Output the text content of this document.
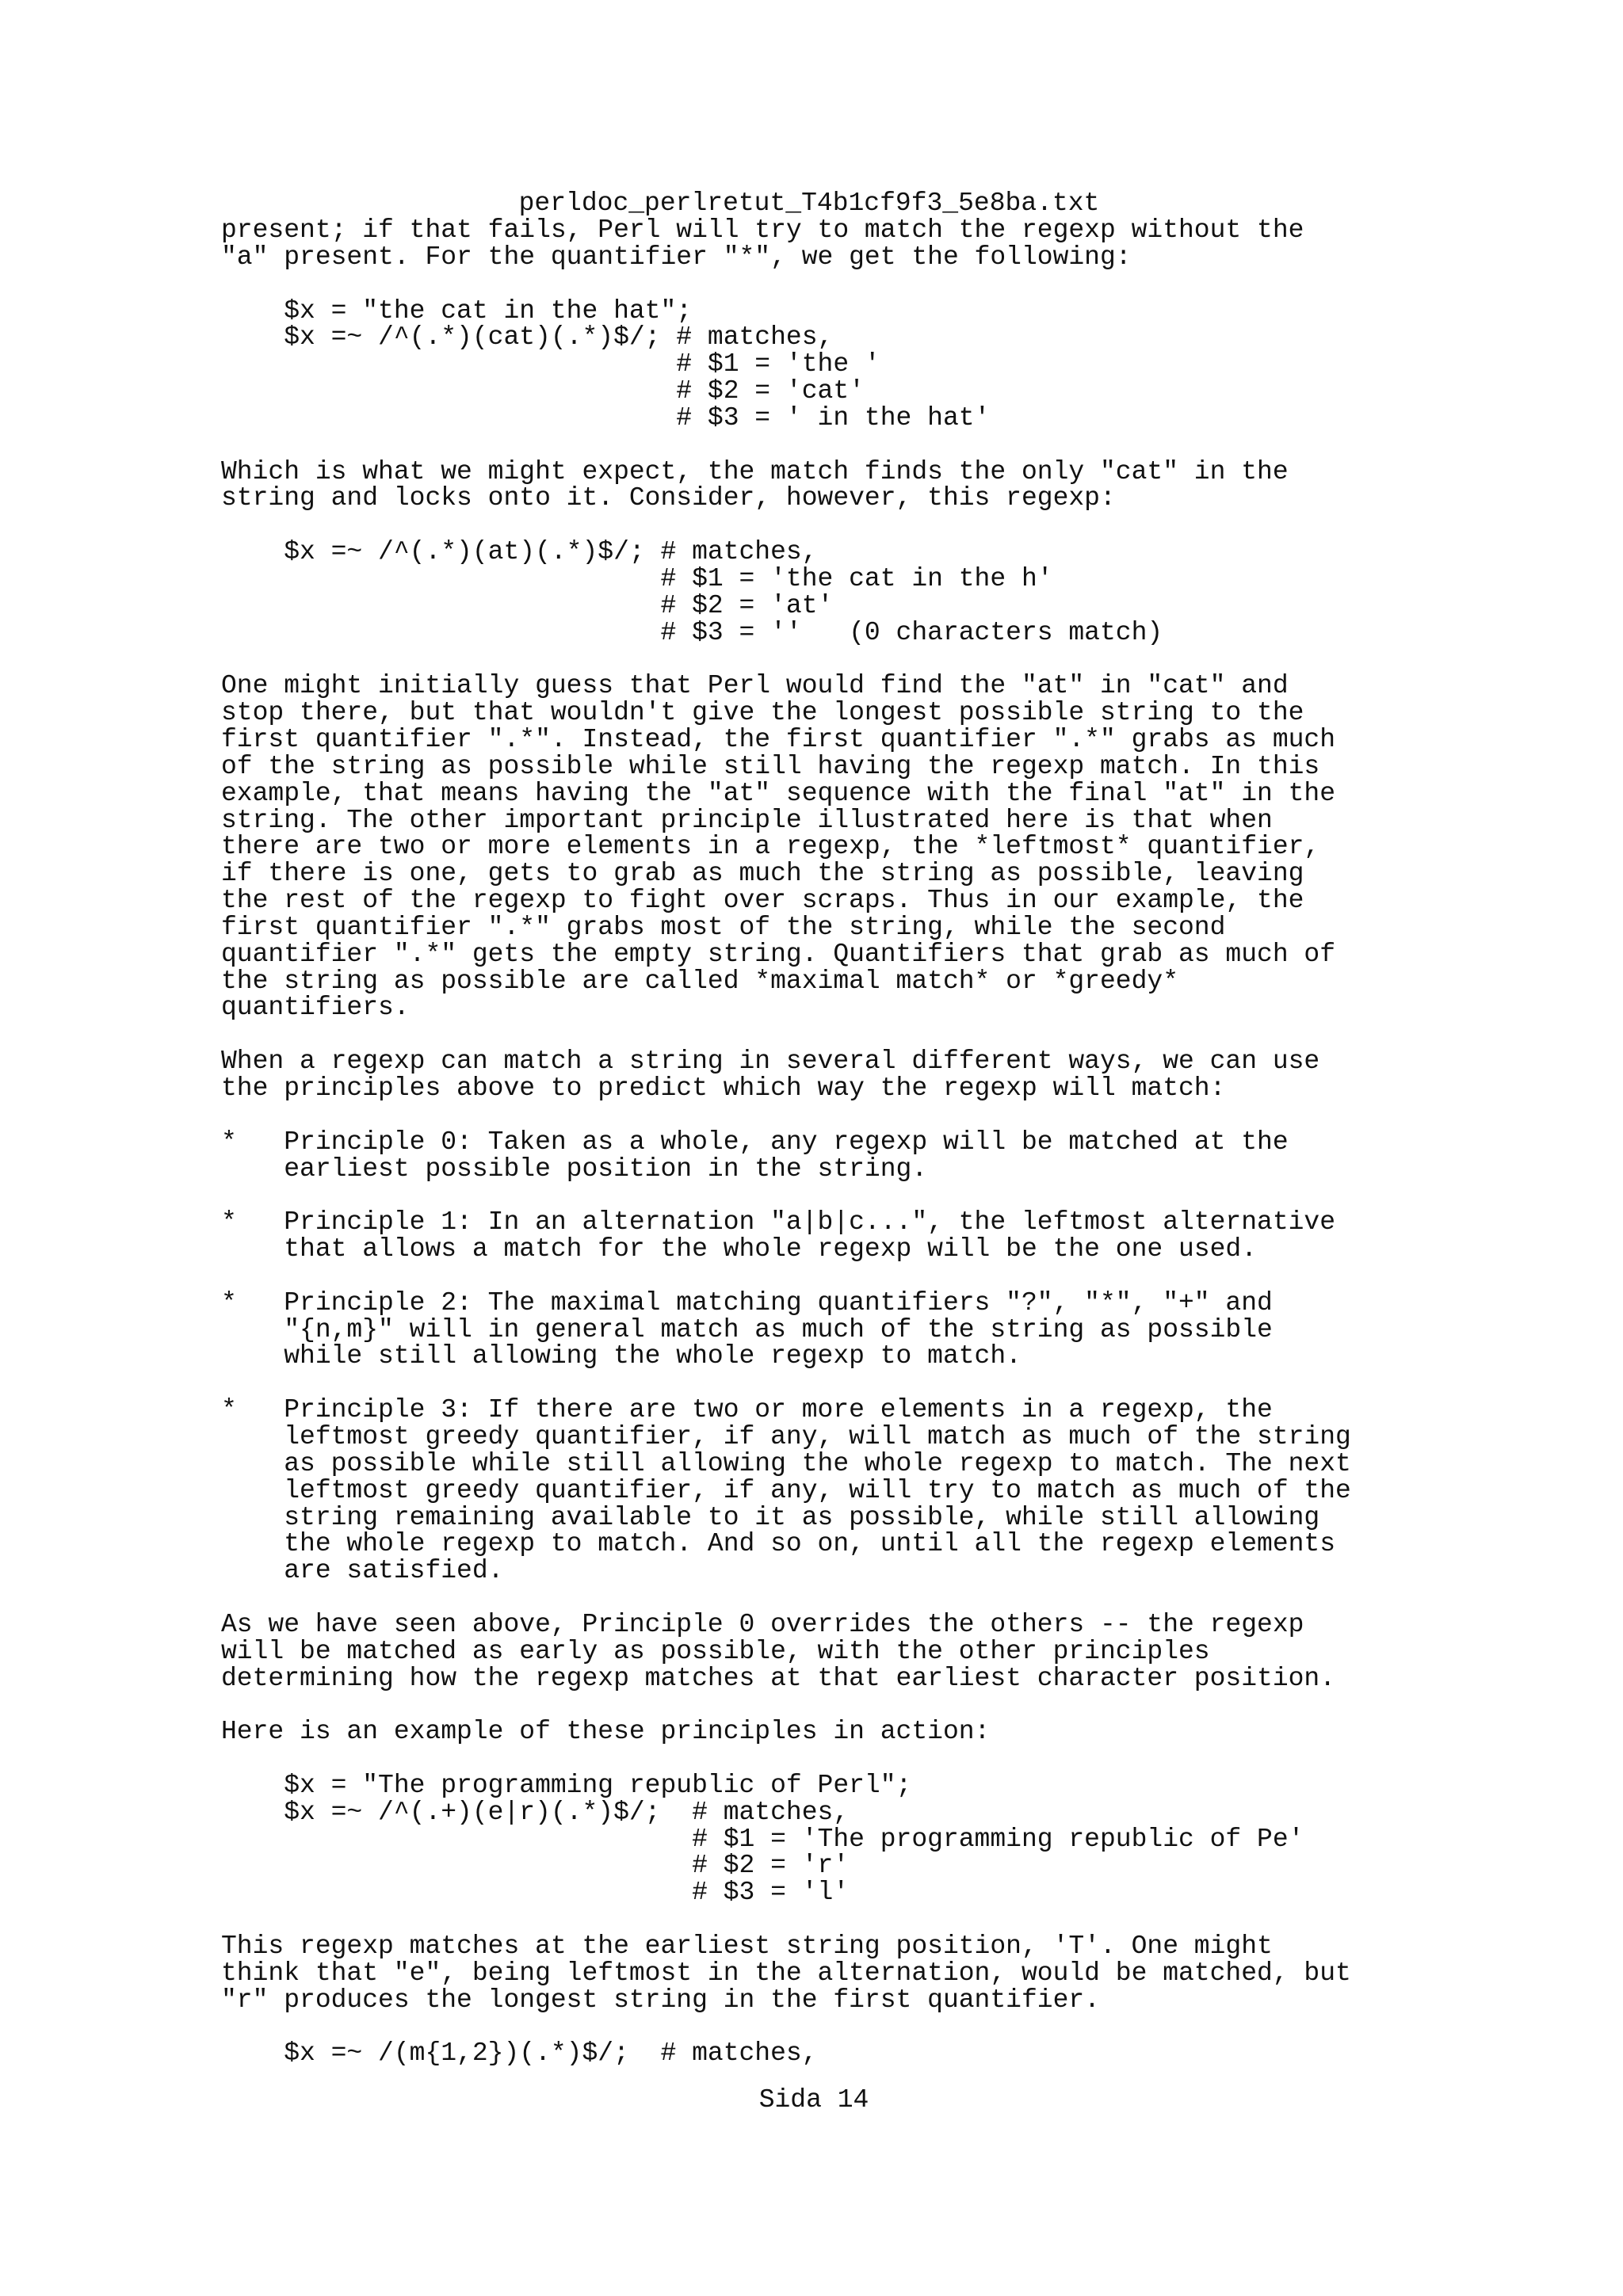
perldoc_perlretut_T4b1cf9f3_5e8ba.txt
present; if that fails, Perl will try to match the regexp without the
"a" present. For the quantifier "*", we get the following:

$x = "the cat in the hat";
$x =~ /^(.*)(cat)(.*)$/; # matches,
# $1 = 'the '
# $2 = 'cat'
# $3 = ' in the hat'

Which is what we might expect, the match finds the only "cat" in the
string and locks onto it. Consider, however, this regexp:

$x =~ /^(.*)(at)(.*)$/; # matches,
# $1 = 'the cat in the h'
# $2 = 'at'
# $3 = ''   (0 characters match)

One might initially guess that Perl would find the "at" in "cat" and
stop there, but that wouldn't give the longest possible string to the
first quantifier ".*". Instead, the first quantifier ".*" grabs as much
of the string as possible while still having the regexp match. In this
example, that means having the "at" sequence with the final "at" in the
string. The other important principle illustrated here is that when
there are two or more elements in a regexp, the *leftmost* quantifier,
if there is one, gets to grab as much the string as possible, leaving
the rest of the regexp to fight over scraps. Thus in our example, the
first quantifier ".*" grabs most of the string, while the second
quantifier ".*" gets the empty string. Quantifiers that grab as much of
the string as possible are called *maximal match* or *greedy*
quantifiers.

When a regexp can match a string in several different ways, we can use
the principles above to predict which way the regexp will match:

*   Principle 0: Taken as a whole, any regexp will be matched at the
earliest possible position in the string.

*   Principle 1: In an alternation "a|b|c...", the leftmost alternative
that allows a match for the whole regexp will be the one used.

*   Principle 2: The maximal matching quantifiers "?", "*", "+" and
"{n,m}" will in general match as much of the string as possible
while still allowing the whole regexp to match.

*   Principle 3: If there are two or more elements in a regexp, the
leftmost greedy quantifier, if any, will match as much of the string
as possible while still allowing the whole regexp to match. The next
leftmost greedy quantifier, if any, will try to match as much of the
string remaining available to it as possible, while still allowing
the whole regexp to match. And so on, until all the regexp elements
are satisfied.

As we have seen above, Principle 0 overrides the others -- the regexp
will be matched as early as possible, with the other principles
determining how the regexp matches at that earliest character position.

Here is an example of these principles in action:

$x = "The programming republic of Perl";
$x =~ /^(.+)(e|r)(.*)$/;  # matches,
# $1 = 'The programming republic of Pe'
# $2 = 'r'
# $3 = 'l'

This regexp matches at the earliest string position, 'T'. One might
think that "e", being leftmost in the alternation, would be matched, but
"r" produces the longest string in the first quantifier.

$x =~ /(m{1,2})(.*)$/;  # matches,
Sida 14
